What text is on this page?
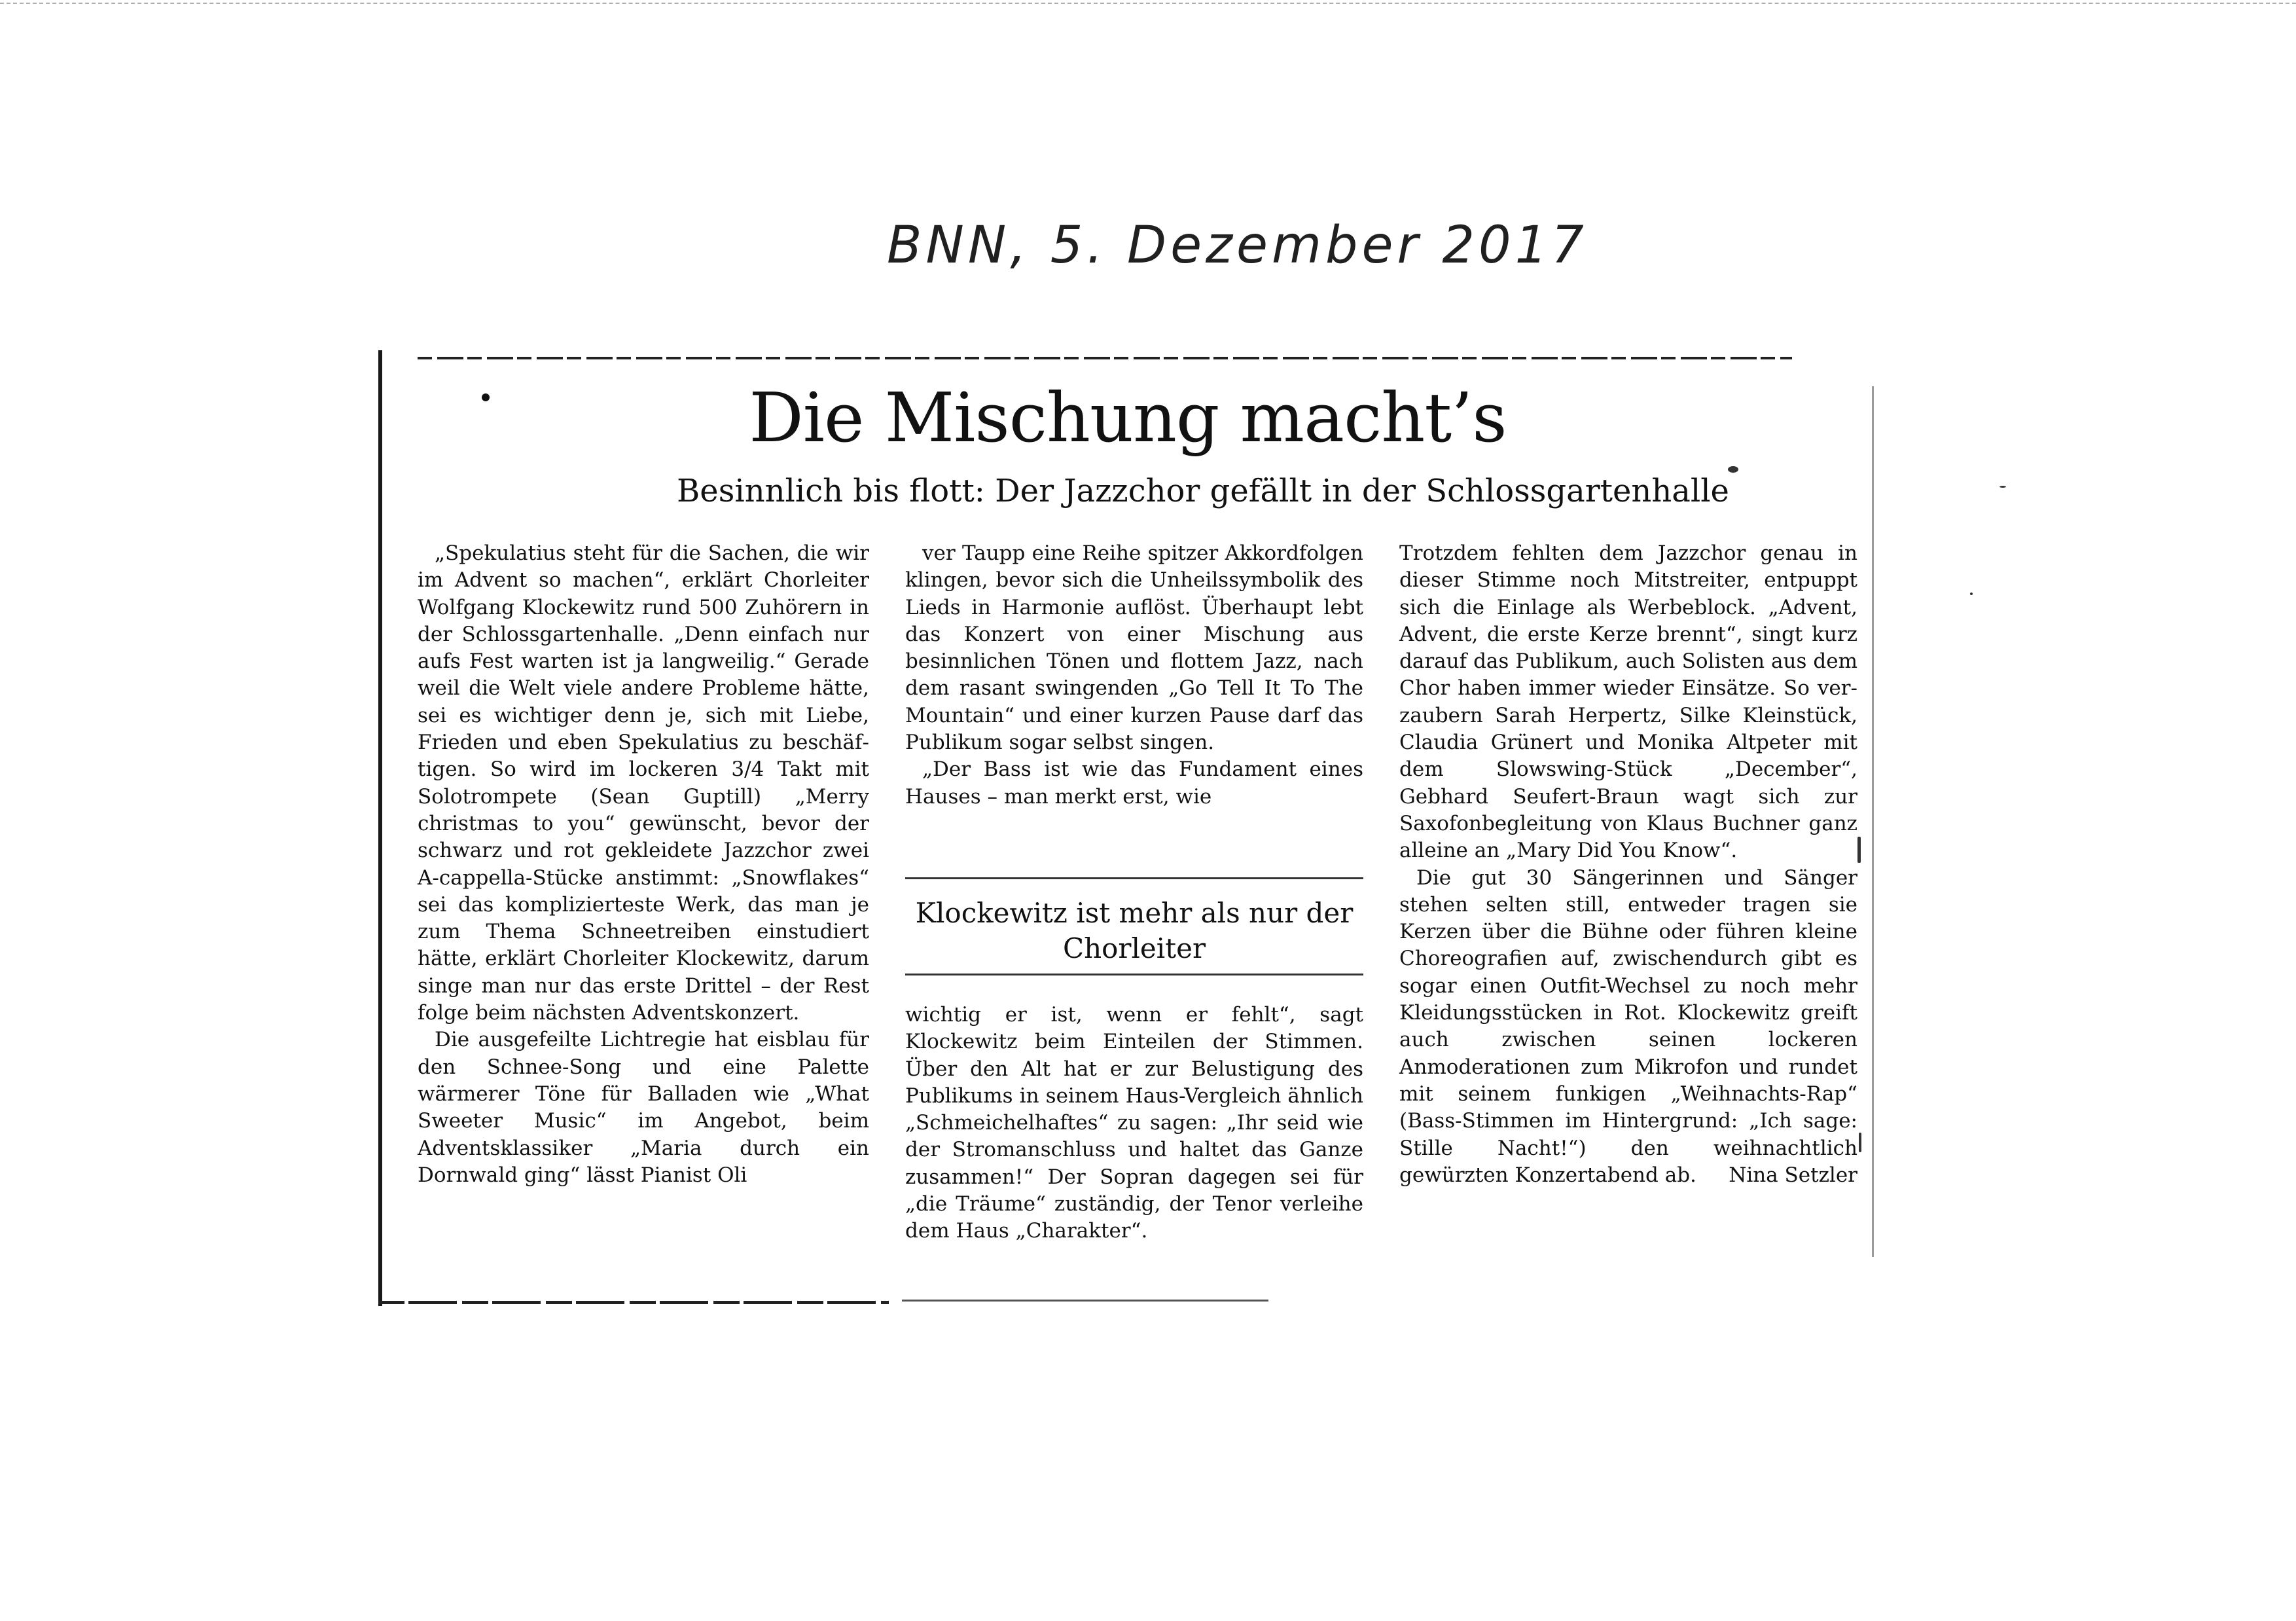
BNN, 5. Dezember 2017
Die Mischung macht’s
Besinnlich bis flott: Der Jazzchor gefällt in der Schlossgartenhalle

„Spekulatius steht für die Sachen, die wir im Advent so machen“, erklärt Chorleiter Wolfgang Klockewitz rund 500 Zuhörern in der Schlossgartenhalle. „Denn einfach nur aufs Fest warten ist ja langweilig.“ Gerade weil die Welt viele andere Probleme hätte, sei es wichtiger denn je, sich mit Liebe, Frieden und eben Spekulatius zu beschäftigen. So wird im lockeren 3/4 Takt mit Solotrompete (Sean Guptill) „Merry christmas to you“ gewünscht, bevor der schwarz und rot gekleidete Jazzchor zwei A-cappella-Stücke anstimmt: „Snowflakes“ sei das komplizierteste Werk, das man je zum Thema Schneetreiben einstudiert hätte, erklärt Chorleiter Klockewitz, darum singe man nur das erste Drittel – der Rest folge beim nächsten Adventskonzert.

Die ausgefeilte Lichtregie hat eisblau für den Schnee-Song und eine Palette wärmerer Töne für Balladen wie „What Sweeter Music“ im Angebot, beim Adventsklassiker „Maria durch ein Dornwald ging“ lässt Pianist Oli

ver Taupp eine Reihe spitzer Akkordfolgen klingen, bevor sich die Unheilssymbolik des Lieds in Harmonie auflöst. Überhaupt lebt das Konzert von einer Mischung aus besinnlichen Tönen und flottem Jazz, nach dem rasant swingenden „Go Tell It To The Mountain“ und einer kurzen Pause darf das Publikum sogar selbst singen.

„Der Bass ist wie das Fundament eines Hauses – man merkt erst, wie

Klockewitz ist mehr als nur der Chorleiter

wichtig er ist, wenn er fehlt“, sagt Klockewitz beim Einteilen der Stimmen. Über den Alt hat er zur Belustigung des Publikums in seinem Haus-Vergleich ähnlich „Schmeichelhaftes“ zu sagen: „Ihr seid wie der Stromanschluss und haltet das Ganze zusammen!“ Der Sopran dagegen sei für „die Träume“ zuständig, der Tenor verleihe dem Haus „Charakter“.

Trotzdem fehlten dem Jazzchor genau in dieser Stimme noch Mitstreiter, entpuppt sich die Einlage als Werbeblock. „Advent, Advent, die erste Kerze brennt“, singt kurz darauf das Publikum, auch Solisten aus dem Chor haben immer wieder Einsätze. So verzaubern Sarah Herpertz, Silke Kleinstück, Claudia Grünert und Monika Altpeter mit dem Slowswing-Stück „December“, Gebhard Seufert-Braun wagt sich zur Saxofonbegleitung von Klaus Buchner ganz alleine an „Mary Did You Know“.

Die gut 30 Sängerinnen und Sänger stehen selten still, entweder tragen sie Kerzen über die Bühne oder führen kleine Choreografien auf, zwischendurch gibt es sogar einen Outfit-Wechsel zu noch mehr Kleidungsstücken in Rot. Klockewitz greift auch zwischen seinen lockeren Anmoderationen zum Mikrofon und rundet mit seinem funkigen „Weihnachts-Rap“ (Bass-Stimmen im Hintergrund: „Ich sage: Stille Nacht!“) den weihnachtlich gewürzten Konzertabend ab. Nina Setzler
